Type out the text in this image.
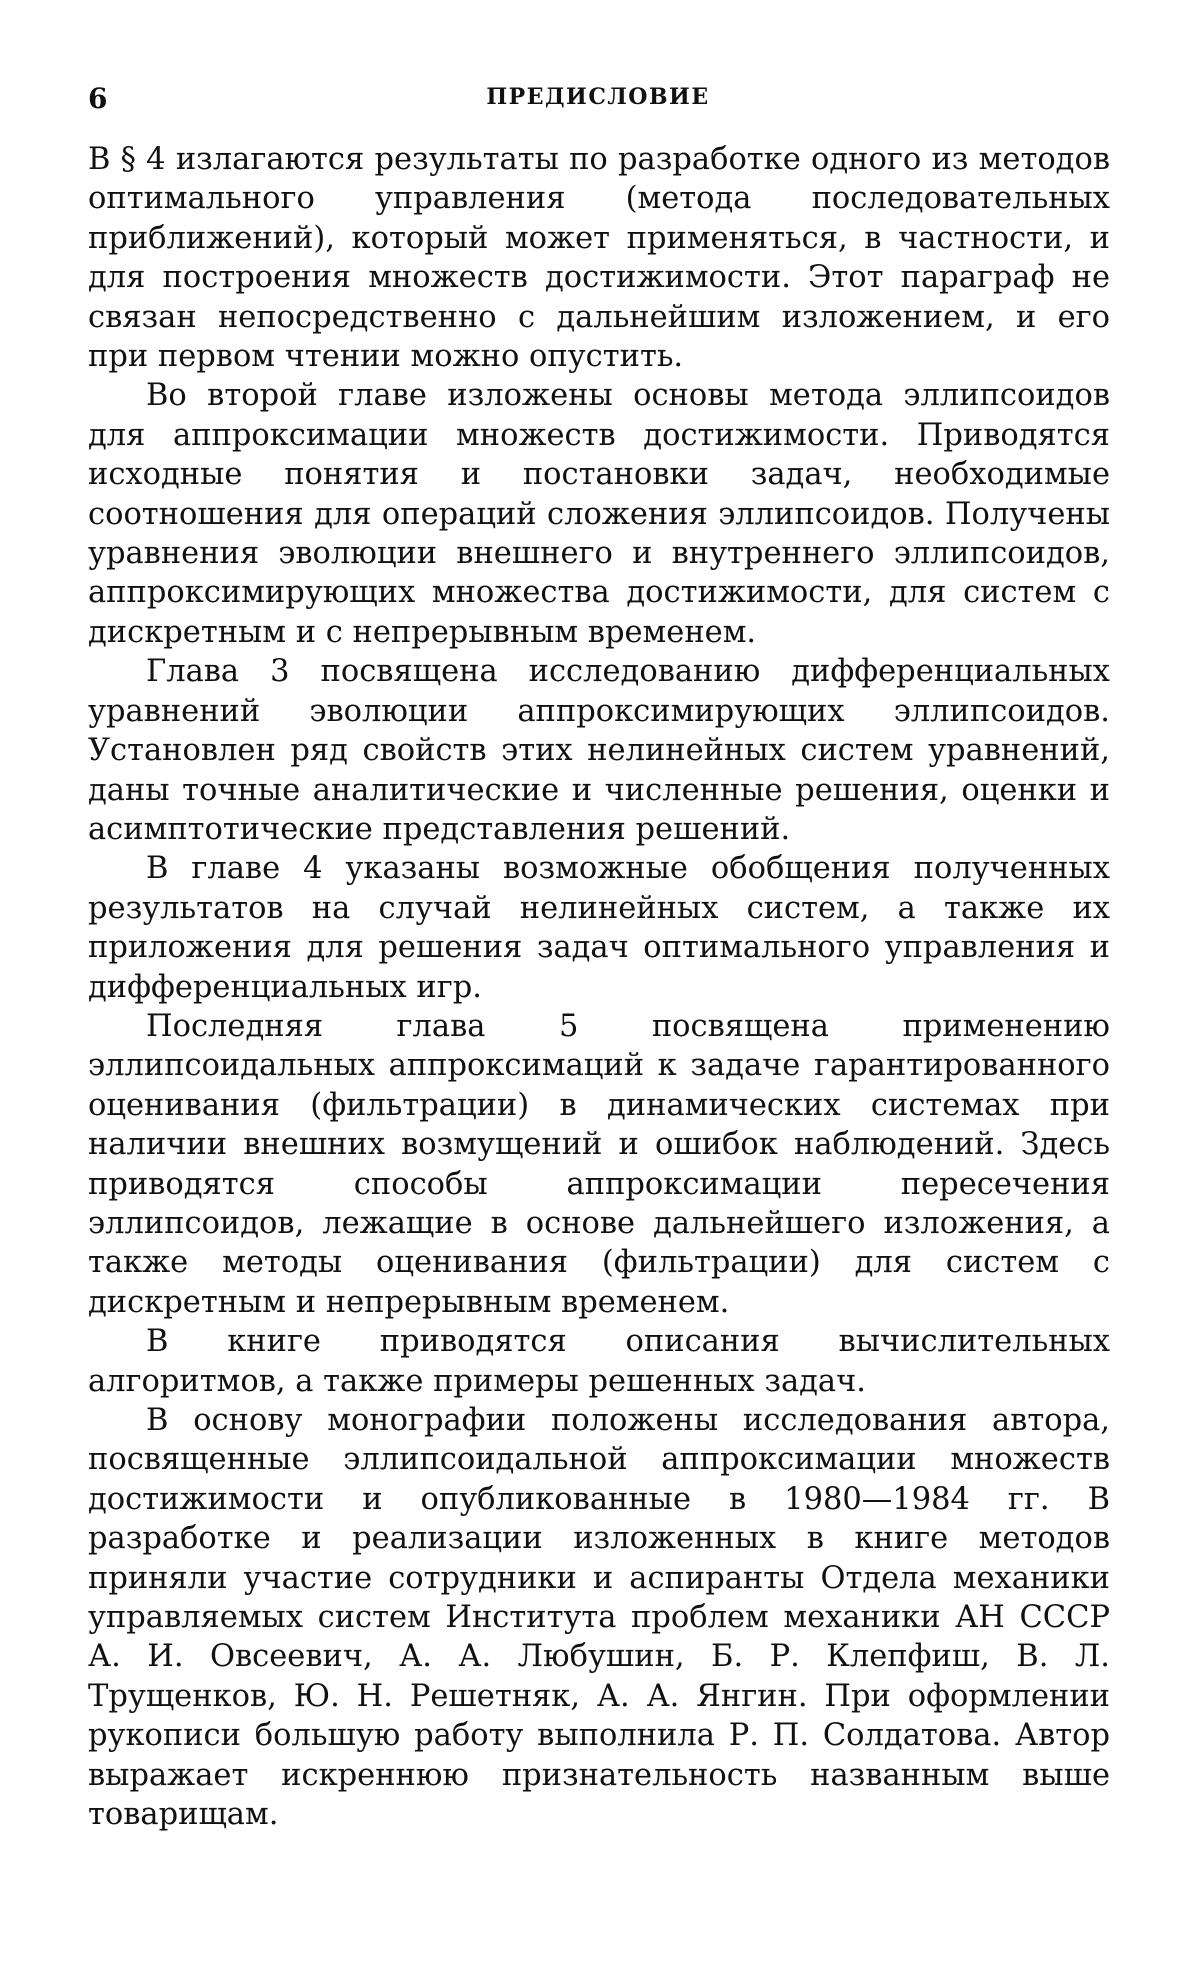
6	ПРЕДИСЛОВИЕ

В § 4 излагаются результаты по разработке одного из методов оптимального управления (метода последовательных приближений), который может применяться, в частности, и для построения множеств достижимости. Этот параграф не связан непосредственно с дальнейшим изложением, и его при первом чтении можно опустить.

Во второй главе изложены основы метода эллипсоидов для аппроксимации множеств достижимости. Приводятся исходные понятия и постановки задач, необходимые соотношения для операций сложения эллипсоидов. Получены уравнения эволюции внешнего и внутреннего эллипсоидов, аппроксимирующих множества достижимости, для систем с дискретным и с непрерывным временем.

Глава 3 посвящена исследованию дифференциальных уравнений эволюции аппроксимирующих эллипсоидов. Установлен ряд свойств этих нелинейных систем уравнений, даны точные аналитические и численные решения, оценки и асимптотические представления решений.

В главе 4 указаны возможные обобщения полученных результатов на случай нелинейных систем, а также их приложения для решения задач оптимального управления и дифференциальных игр.

Последняя глава 5 посвящена применению эллипсоидальных аппроксимаций к задаче гарантированного оценивания (фильтрации) в динамических системах при наличии внешних возмущений и ошибок наблюдений. Здесь приводятся способы аппроксимации пересечения эллипсоидов, лежащие в основе дальнейшего изложения, а также методы оценивания (фильтрации) для систем с дискретным и непрерывным временем.

В книге приводятся описания вычислительных алгоритмов, а также примеры решенных задач.

В основу монографии положены исследования автора, посвященные эллипсоидальной аппроксимации множеств достижимости и опубликованные в 1980—1984 гг. В разработке и реализации изложенных в книге методов приняли участие сотрудники и аспиранты Отдела механики управляемых систем Института проблем механики АН СССР А. И. Овсеевич, А. А. Любушин, Б. Р. Клепфиш, В. Л. Трущенков, Ю. Н. Решетняк, А. А. Янгин. При оформлении рукописи большую работу выполнила Р. П. Солдатова. Автор выражает искреннюю признательность названным выше товарищам.
